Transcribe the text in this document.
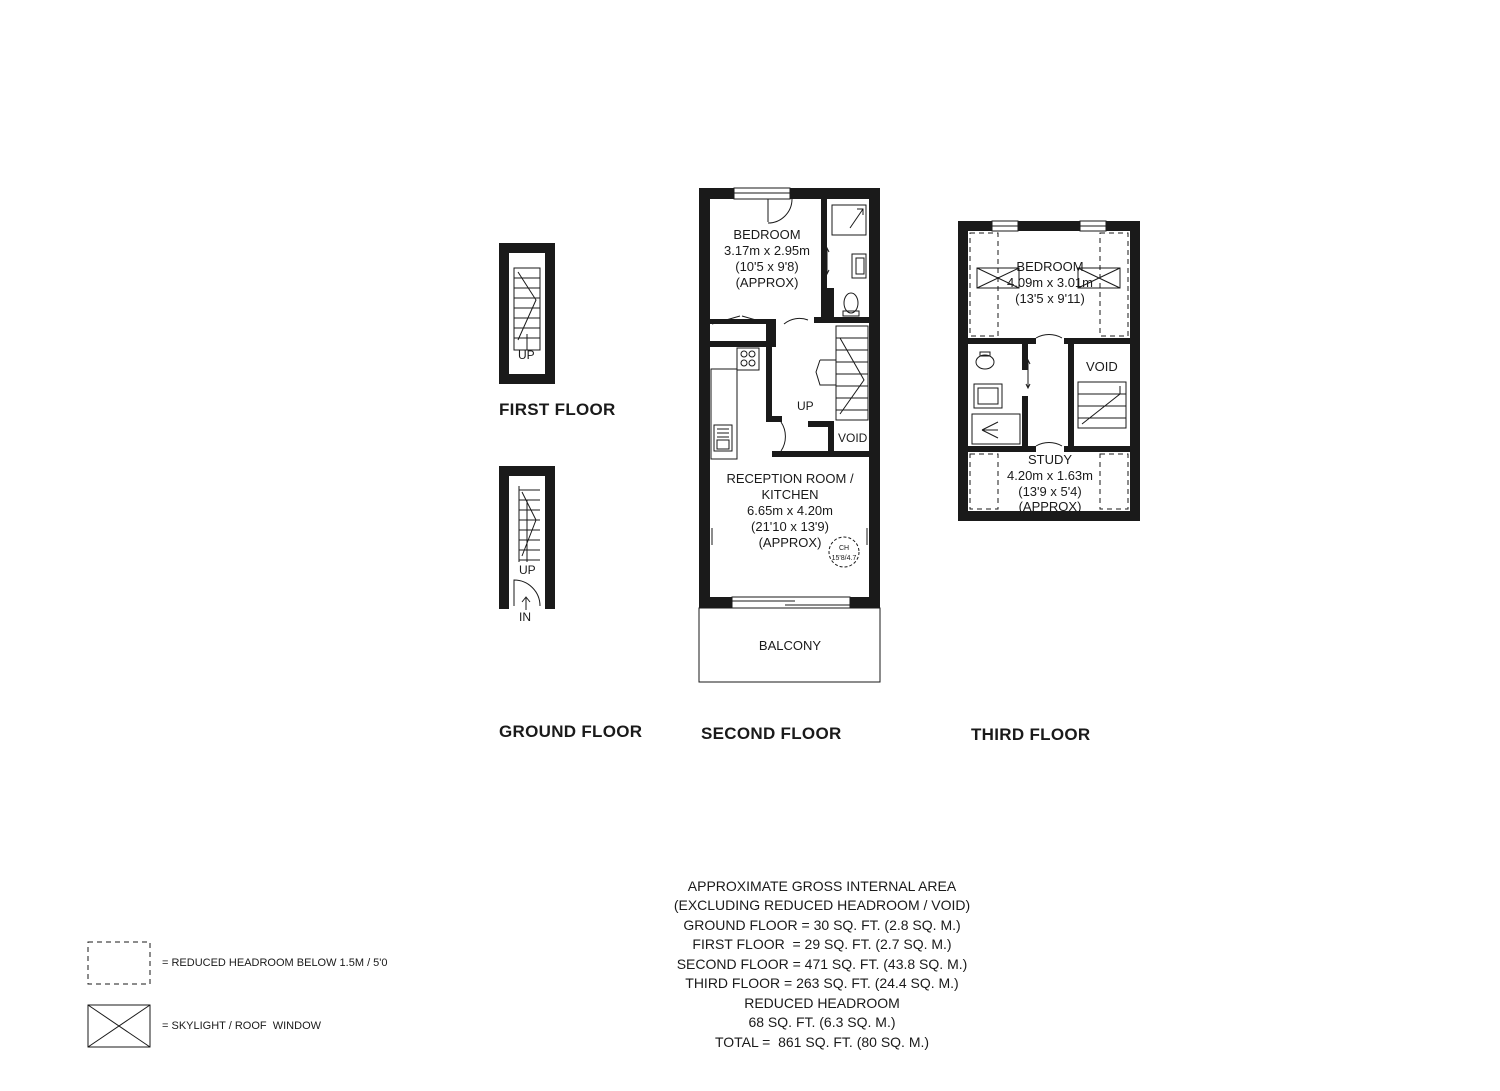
UP
FIRST FLOOR
UP
IN
GROUND FLOOR
UP
VOID
BEDROOM
3.17m x 2.95m
(10'5 x 9'8)
(APPROX)
RECEPTION ROOM /
KITCHEN
6.65m x 4.20m
(21'10 x 13'9)
(APPROX)	CH
15'8/4.7
BALCONY
SECOND FLOOR
VOID
BEDROOM
4.09m x 3.01m
(13'5 x 9'11)
STUDY
4.20m x 1.63m
(13'9 x 5'4)
(APPROX)
THIRD FLOOR
APPROXIMATE GROSS INTERNAL AREA
(EXCLUDING REDUCED HEADROOM / VOID)
GROUND FLOOR = 30 SQ. FT. (2.8 SQ. M.)
FIRST FLOOR  = 29 SQ. FT. (2.7 SQ. M.)
SECOND FLOOR = 471 SQ. FT. (43.8 SQ. M.)
THIRD FLOOR = 263 SQ. FT. (24.4 SQ. M.)
REDUCED HEADROOM
68 SQ. FT. (6.3 SQ. M.)
TOTAL =  861 SQ. FT. (80 SQ. M.)
= REDUCED HEADROOM BELOW 1.5M / 5'0
= SKYLIGHT / ROOF  WINDOW
